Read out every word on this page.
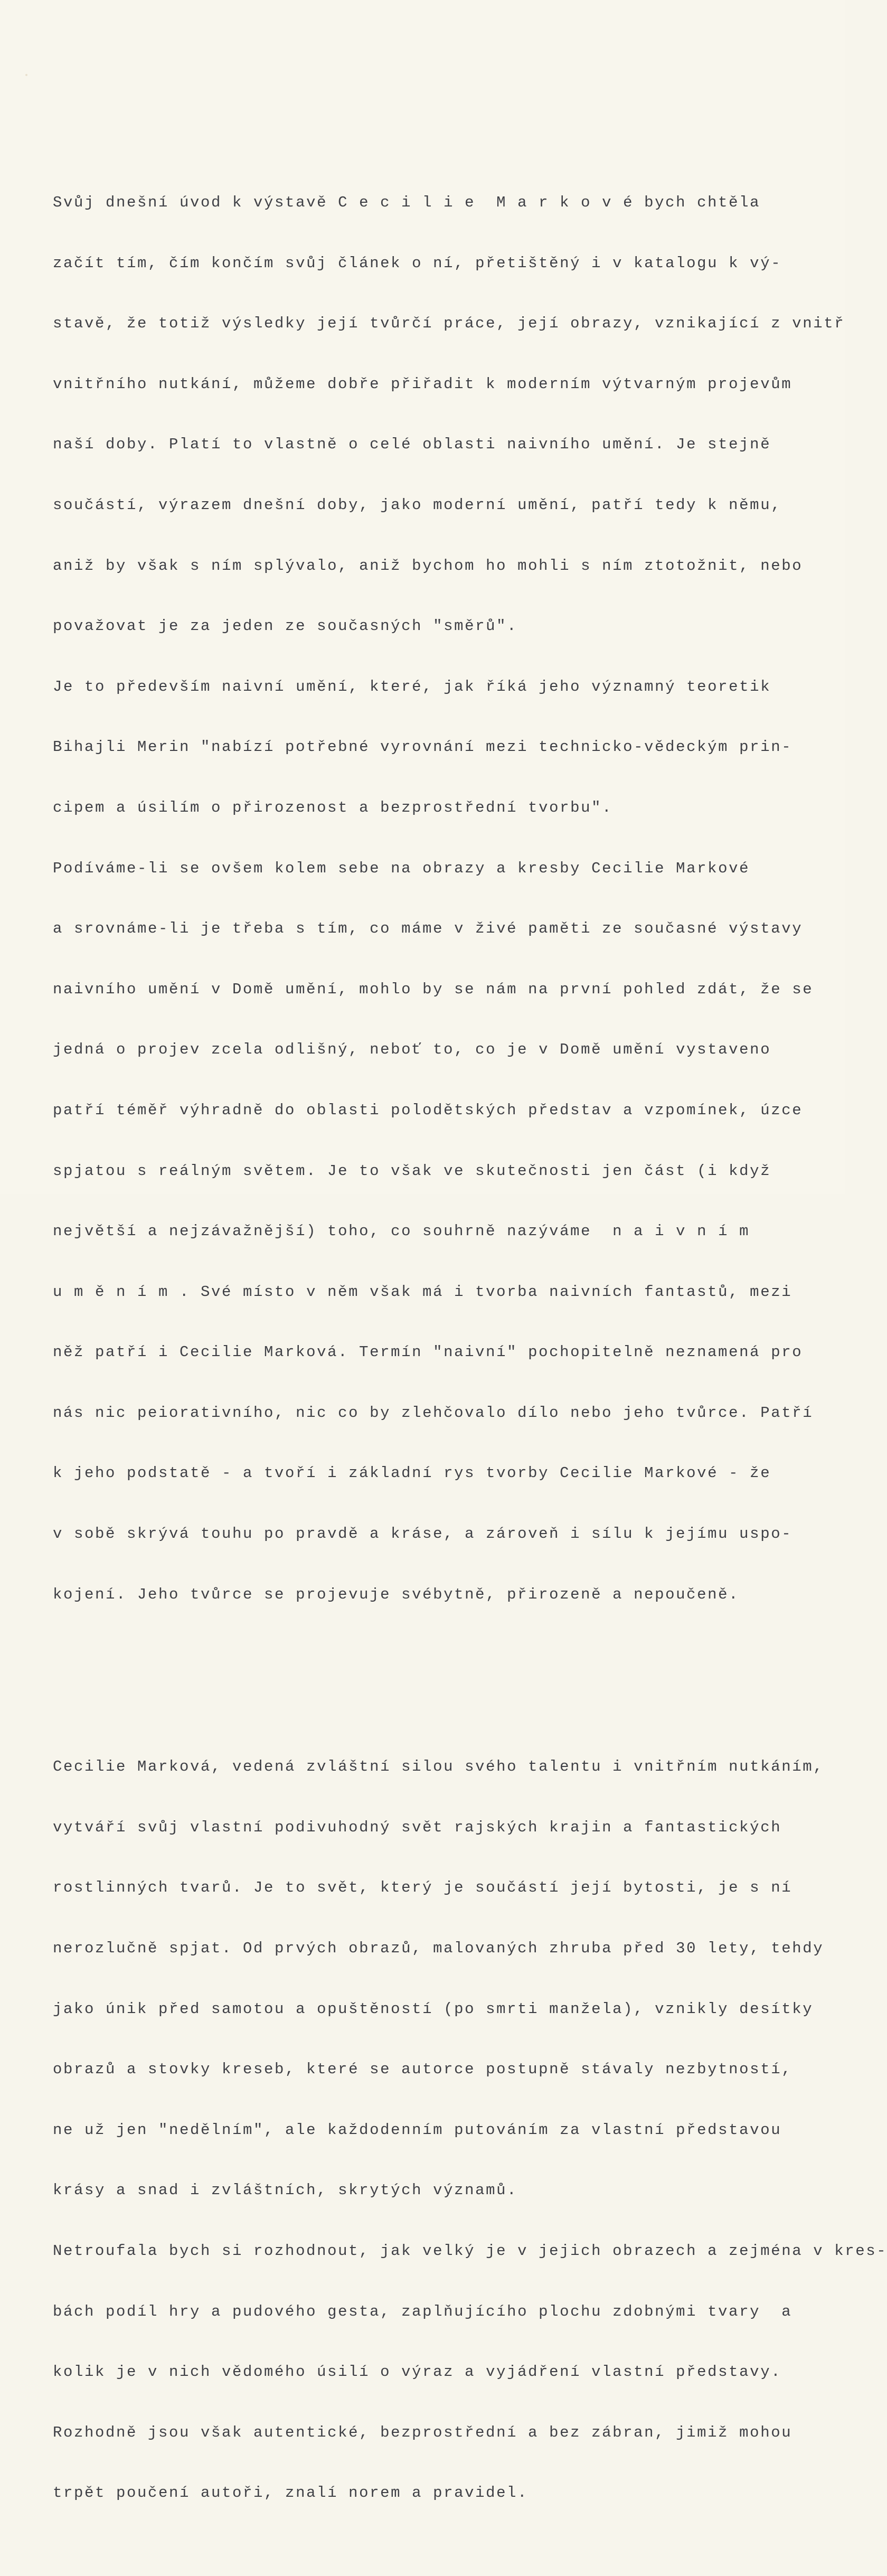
Svůj dnešní úvod k výstavě C e c i l i e  M a r k o v é bych chtěla

začít tím, čím končím svůj článek o ní, přetištěný i v katalogu k vý-

stavě, že totiž výsledky její tvůrčí práce, její obrazy, vznikající z vnitř

vnitřního nutkání, můžeme dobře přiřadit k moderním výtvarným projevům

naší doby. Platí to vlastně o celé oblasti naivního umění. Je stejně

součástí, výrazem dnešní doby, jako moderní umění, patří tedy k němu,

aniž by však s ním splývalo, aniž bychom ho mohli s ním ztotožnit, nebo

považovat je za jeden ze současných "směrů".

Je to především naivní umění, které, jak říká jeho významný teoretik

Bihajli Merin "nabízí potřebné vyrovnání mezi technicko-vědeckým prin-

cipem a úsilím o přirozenost a bezprostřední tvorbu".

Podíváme-li se ovšem kolem sebe na obrazy a kresby Cecilie Markové

a srovnáme-li je třeba s tím, co máme v živé paměti ze současné výstavy

naivního umění v Domě umění, mohlo by se nám na první pohled zdát, že se

jedná o projev zcela odlišný, neboť to, co je v Domě umění vystaveno

patří téměř výhradně do oblasti polodětských představ a vzpomínek, úzce

spjatou s reálným světem. Je to však ve skutečnosti jen část (i když

největší a nejzávažnější) toho, co souhrně nazýváme  n a i v n í m

u m ě n í m . Své místo v něm však má i tvorba naivních fantastů, mezi

něž patří i Cecilie Marková. Termín "naivní" pochopitelně neznamená pro

nás nic peiorativního, nic co by zlehčovalo dílo nebo jeho tvůrce. Patří

k jeho podstatě - a tvoří i základní rys tvorby Cecilie Markové - že

v sobě skrývá touhu po pravdě a kráse, a zároveň i sílu k jejímu uspo-

kojení. Jeho tvůrce se projevuje svébytně, přirozeně a nepoučeně.

Cecilie Marková, vedená zvláštní silou svého talentu i vnitřním nutkáním,

vytváří svůj vlastní podivuhodný svět rajských krajin a fantastických

rostlinných tvarů. Je to svět, který je součástí její bytosti, je s ní

nerozlučně spjat. Od prvých obrazů, malovaných zhruba před 30 lety, tehdy

jako únik před samotou a opuštěností (po smrti manžela), vznikly desítky

obrazů a stovky kreseb, které se autorce postupně stávaly nezbytností,

ne už jen "nedělním", ale každodenním putováním za vlastní představou

krásy a snad i zvláštních, skrytých významů.

Netroufala bych si rozhodnout, jak velký je v jejich obrazech a zejména v kres-

bách podíl hry a pudového gesta, zaplňujícího plochu zdobnými tvary  a

kolik je v nich vědomého úsilí o výraz a vyjádření vlastní představy.

Rozhodně jsou však autentické, bezprostřední a bez zábran, jimiž mohou

trpět poučení autoři, znalí norem a pravidel.
